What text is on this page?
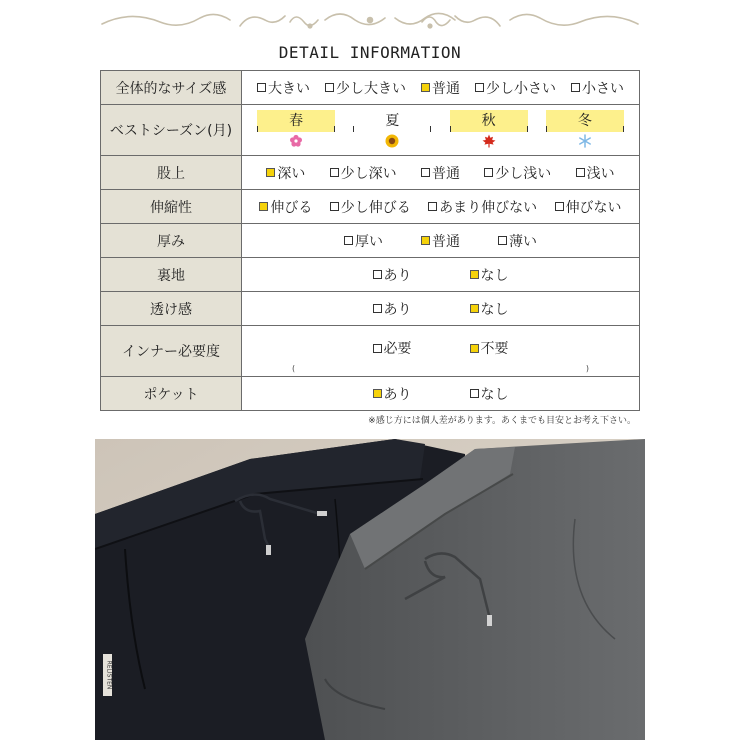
DETAIL INFORMATION
全体的なサイズ感	大きい 少し大きい 普通 少し小さい 小さい

ベストシーズン(月)	春 夏 秋 冬

股上	深い 少し深い 普通 少し浅い 浅い

伸縮性	伸びる 少し伸びる あまり伸びない 伸びない

厚み	厚い 普通 薄い

裏地	あり なし

透け感	あり なし

インナー必要度	必要 不要
( )

ポケット	あり なし
※感じ方には個人差があります。あくまでも目安とお考え下さい。
RELISTEN
